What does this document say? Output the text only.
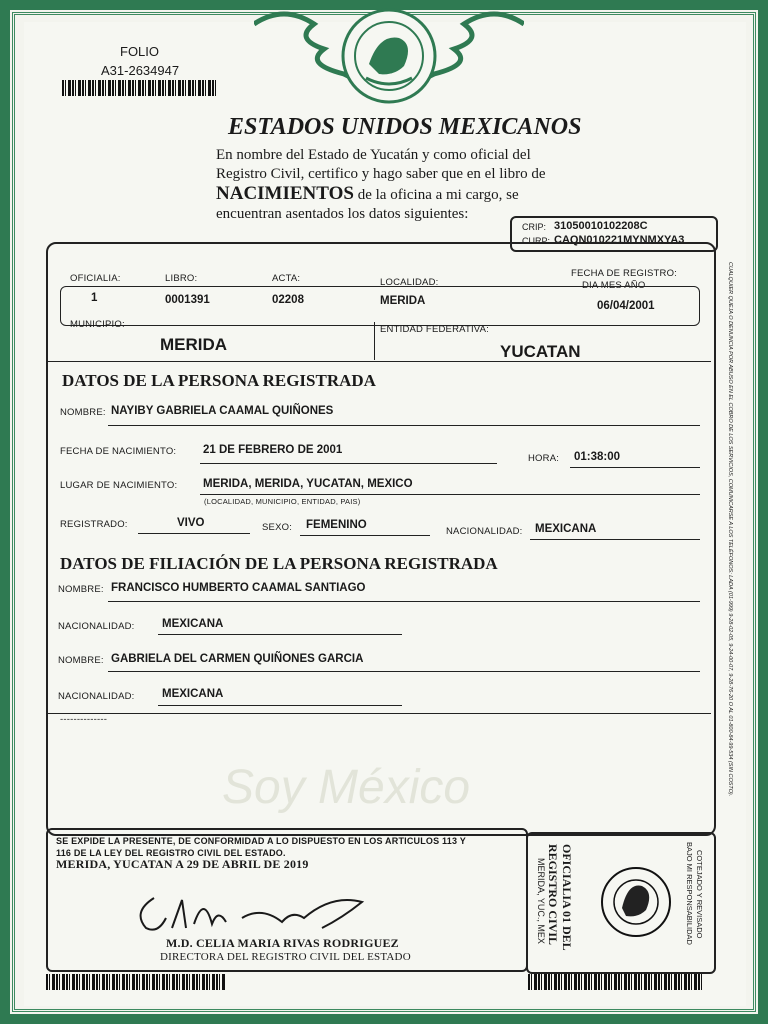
FOLIO
A31-2634947
ESTADOS UNIDOS MEXICANOS
En nombre del Estado de Yucatán y como oficial del
Registro Civil, certifico y hago saber que en el libro de
NACIMIENTOS de la oficina a mi cargo, se
encuentran asentados los datos siguientes:
CRIP: 31050010102208C
CURP: CAQN010221MYNMXYA3
OFICIALIA:	LIBRO:	ACTA:	LOCALIDAD:
FECHA DE REGISTRO:
DIA MES AÑO
1	0001391	02208	MERIDA	06/04/2001
MUNICIPIO:
MERIDA
ENTIDAD FEDERATIVA:
YUCATAN
DATOS DE LA PERSONA REGISTRADA
NOMBRE: NAYIBY GABRIELA CAAMAL QUIÑONES
FECHA DE NACIMIENTO: 21 DE FEBRERO DE 2001
HORA: 01:38:00
LUGAR DE NACIMIENTO: MERIDA, MERIDA, YUCATAN, MEXICO
(LOCALIDAD, MUNICIPIO, ENTIDAD, PAIS)
REGISTRADO:	VIVO	SEXO: FEMENINO
NACIONALIDAD: MEXICANA
DATOS DE FILIACIÓN DE LA PERSONA REGISTRADA
NOMBRE: FRANCISCO HUMBERTO CAAMAL SANTIAGO
NACIONALIDAD: MEXICANA
NOMBRE: GABRIELA DEL CARMEN QUIÑONES GARCIA
NACIONALIDAD: MEXICANA
--------------
Soy México
SE EXPIDE LA PRESENTE, DE CONFORMIDAD A LO DISPUESTO EN LOS ARTICULOS 113 Y
116 DE LA LEY DEL REGISTRO CIVIL DEL ESTADO.
MERIDA, YUCATAN A 29 DE ABRIL DE 2019
M.D. CELIA MARIA RIVAS RODRIGUEZ
DIRECTORA DEL REGISTRO CIVIL DEL ESTADO
OFICIALIA 01 DEL
REGISTRO CIVIL
MERIDA, YUC., MEX	COTEJADO Y REVISADO
BAJO MI RESPONSABILIDAD
CUALQUIER QUEJA O DENUNCIA POR ABUSO EN EL COBRO DE LOS SERVICIOS, COMUNICARSE A LOS TELÉFONOS: LADA (01-999) 9-28-02-05, 9-24-00-07, 9-28-76-20 O AL 01-800-84-99-534 (SIN COSTO).
